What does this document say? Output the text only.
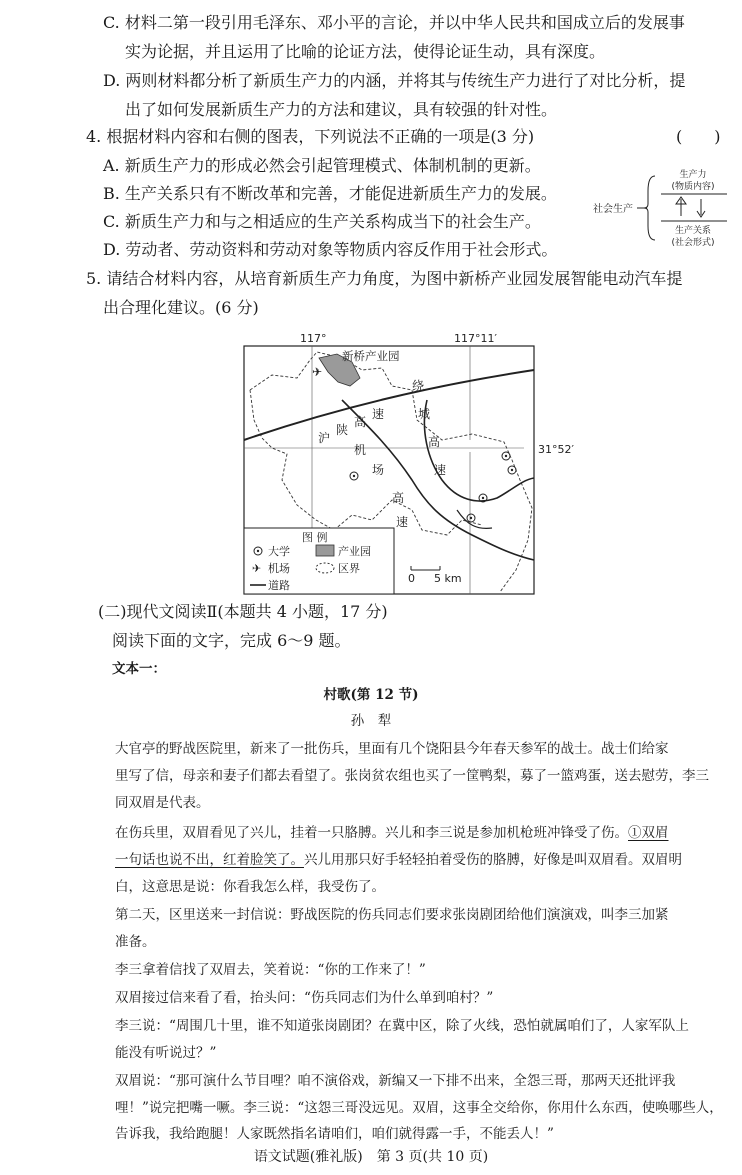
C. 材料二第一段引用毛泽东、邓小平的言论，并以中华人民共和国成立后的发展事
实为论据，并且运用了比喻的论证方法，使得论证生动，具有深度。
D. 两则材料都分析了新质生产力的内涵，并将其与传统生产力进行了对比分析，提
出了如何发展新质生产力的方法和建议，具有较强的针对性。
4. 根据材料内容和右侧的图表，下列说法不正确的一项是(3 分)	(　　)
A. 新质生产力的形成必然会引起管理模式、体制机制的更新。
B. 生产关系只有不断改革和完善，才能促进新质生产力的发展。
C. 新质生产力和与之相适应的生产关系构成当下的社会生产。
D. 劳动者、劳动资料和劳动对象等物质内容反作用于社会形式。
社会生产
生产力
(物质内容)
生产关系
(社会形式)
5. 请结合材料内容，从培育新质生产力角度，为图中新桥产业园发展智能电动汽车提
出合理化建议。(6 分)
117°	117°11′
31°52′
新桥产业园
✈
沪
陕
高
速
机
场
高
速
绕
城
高
速
图 例
大学	产业园
✈ 机场	区界
道路
0 5 km
(二)现代文阅读Ⅱ(本题共 4 小题，17 分)
阅读下面的文字，完成 6～9 题。
文本一：
村歌(第 12 节)
孙　犁
大官亭的野战医院里，新来了一批伤兵，里面有几个饶阳县今年春天参军的战士。战士们给家
里写了信，母亲和妻子们都去看望了。张岗贫农组也买了一筐鸭梨，募了一篮鸡蛋，送去慰劳，李三
同双眉是代表。
在伤兵里，双眉看见了兴儿，挂着一只胳膊。兴儿和李三说是参加机枪班冲锋受了伤。①双眉
一句话也说不出，红着脸笑了。兴儿用那只好手轻轻拍着受伤的胳膊，好像是叫双眉看。双眉明
白，这意思是说：你看我怎么样，我受伤了。
第二天，区里送来一封信说：野战医院的伤兵同志们要求张岗剧团给他们演演戏，叫李三加紧
准备。
李三拿着信找了双眉去，笑着说：“你的工作来了！”
双眉接过信来看了看，抬头问：“伤兵同志们为什么单到咱村？”
李三说：“周围几十里，谁不知道张岗剧团？在冀中区，除了火线，恐怕就属咱们了，人家军队上
能没有听说过？”
双眉说：“那可演什么节目哩？咱不演俗戏，新编又一下排不出来，全怨三哥，那两天还批评我
哩！”说完把嘴一噘。李三说：“这怨三哥没远见。双眉，这事全交给你，你用什么东西，使唤哪些人，
告诉我，我给跑腿！人家既然指名请咱们，咱们就得露一手，不能丢人！”
语文试题(雅礼版)　第 3 页(共 10 页)
